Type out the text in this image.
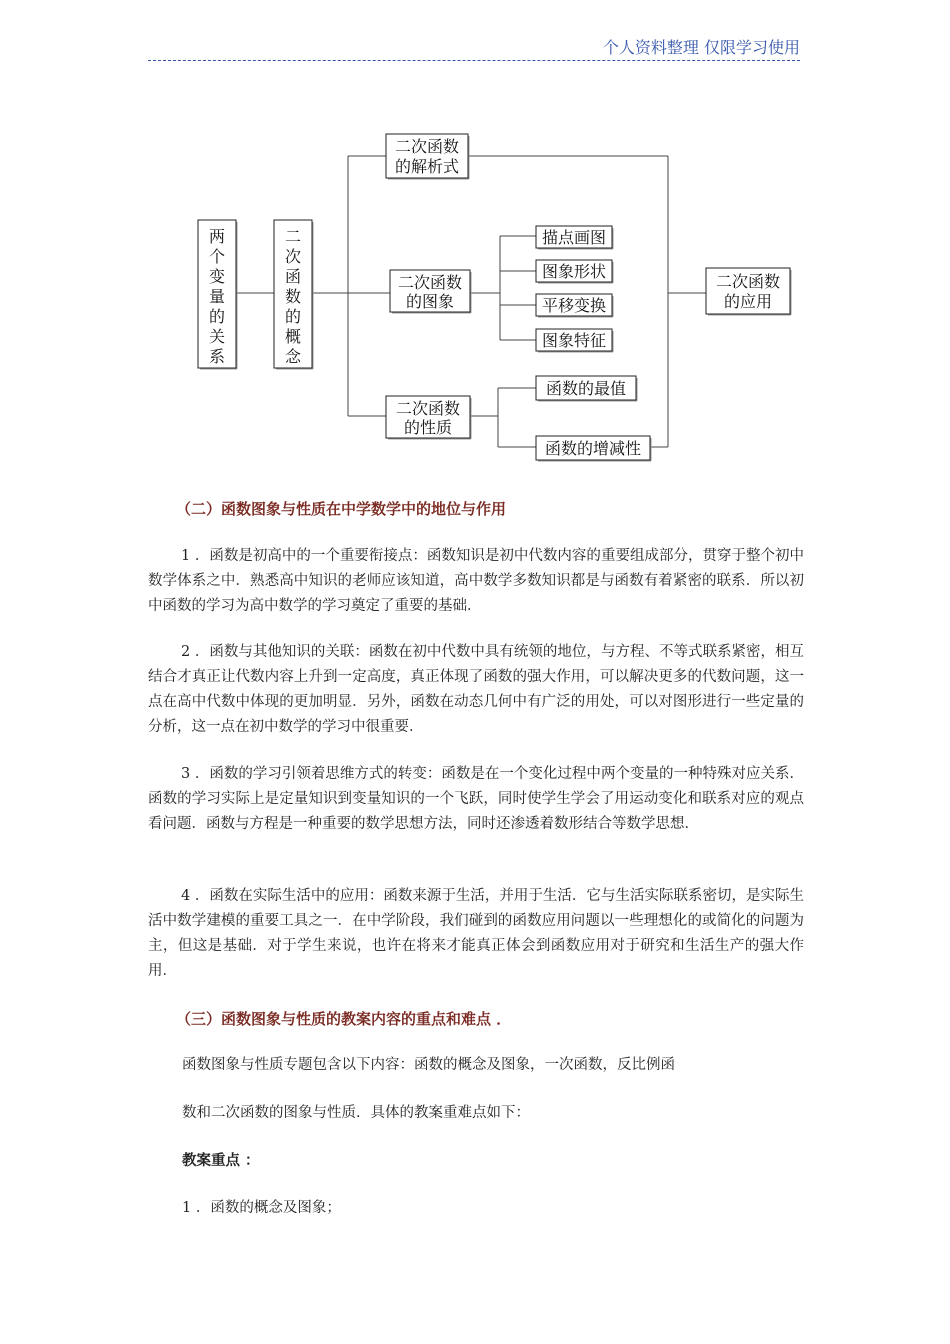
个人资料整理 仅限学习使用
两
个
变
量
的
关
系
二
次
函
数
的
概
念
二次函数
的解析式
二次函数
的图象
二次函数
的性质
二次函数
的应用
描点画图
图象形状
平移变换
图象特征
函数的最值
函数的增减性
（二）函数图象与性质在中学数学中的地位与作用

1 ．函数是初高中的一个重要衔接点：函数知识是初中代数内容的重要组成部分，贯穿于整个初中数学体系之中．熟悉高中知识的老师应该知道，高中数学多数知识都是与函数有着紧密的联系．所以初中函数的学习为高中数学的学习奠定了重要的基础．

2 ．函数与其他知识的关联：函数在初中代数中具有统领的地位，与方程、不等式联系紧密，相互结合才真正让代数内容上升到一定高度，真正体现了函数的强大作用，可以解决更多的代数问题，这一点在高中代数中体现的更加明显．另外，函数在动态几何中有广泛的用处，可以对图形进行一些定量的分析，这一点在初中数学的学习中很重要．

3 ．函数的学习引领着思维方式的转变：函数是在一个变化过程中两个变量的一种特殊对应关系．函数的学习实际上是定量知识到变量知识的一个飞跃，同时使学生学会了用运动变化和联系对应的观点看问题．函数与方程是一种重要的数学思想方法，同时还渗透着数形结合等数学思想．

4 ．函数在实际生活中的应用：函数来源于生活，并用于生活．它与生活实际联系密切，是实际生活中数学建模的重要工具之一．在中学阶段，我们碰到的函数应用问题以一些理想化的或简化的问题为主，但这是基础．对于学生来说，也许在将来才能真正体会到函数应用对于研究和生活生产的强大作用．

（三）函数图象与性质的教案内容的重点和难点 ．

函数图象与性质专题包含以下内容：函数的概念及图象，一次函数，反比例函

数和二次函数的图象与性质．具体的教案重难点如下：

教案重点 ：

1 ．函数的概念及图象；
